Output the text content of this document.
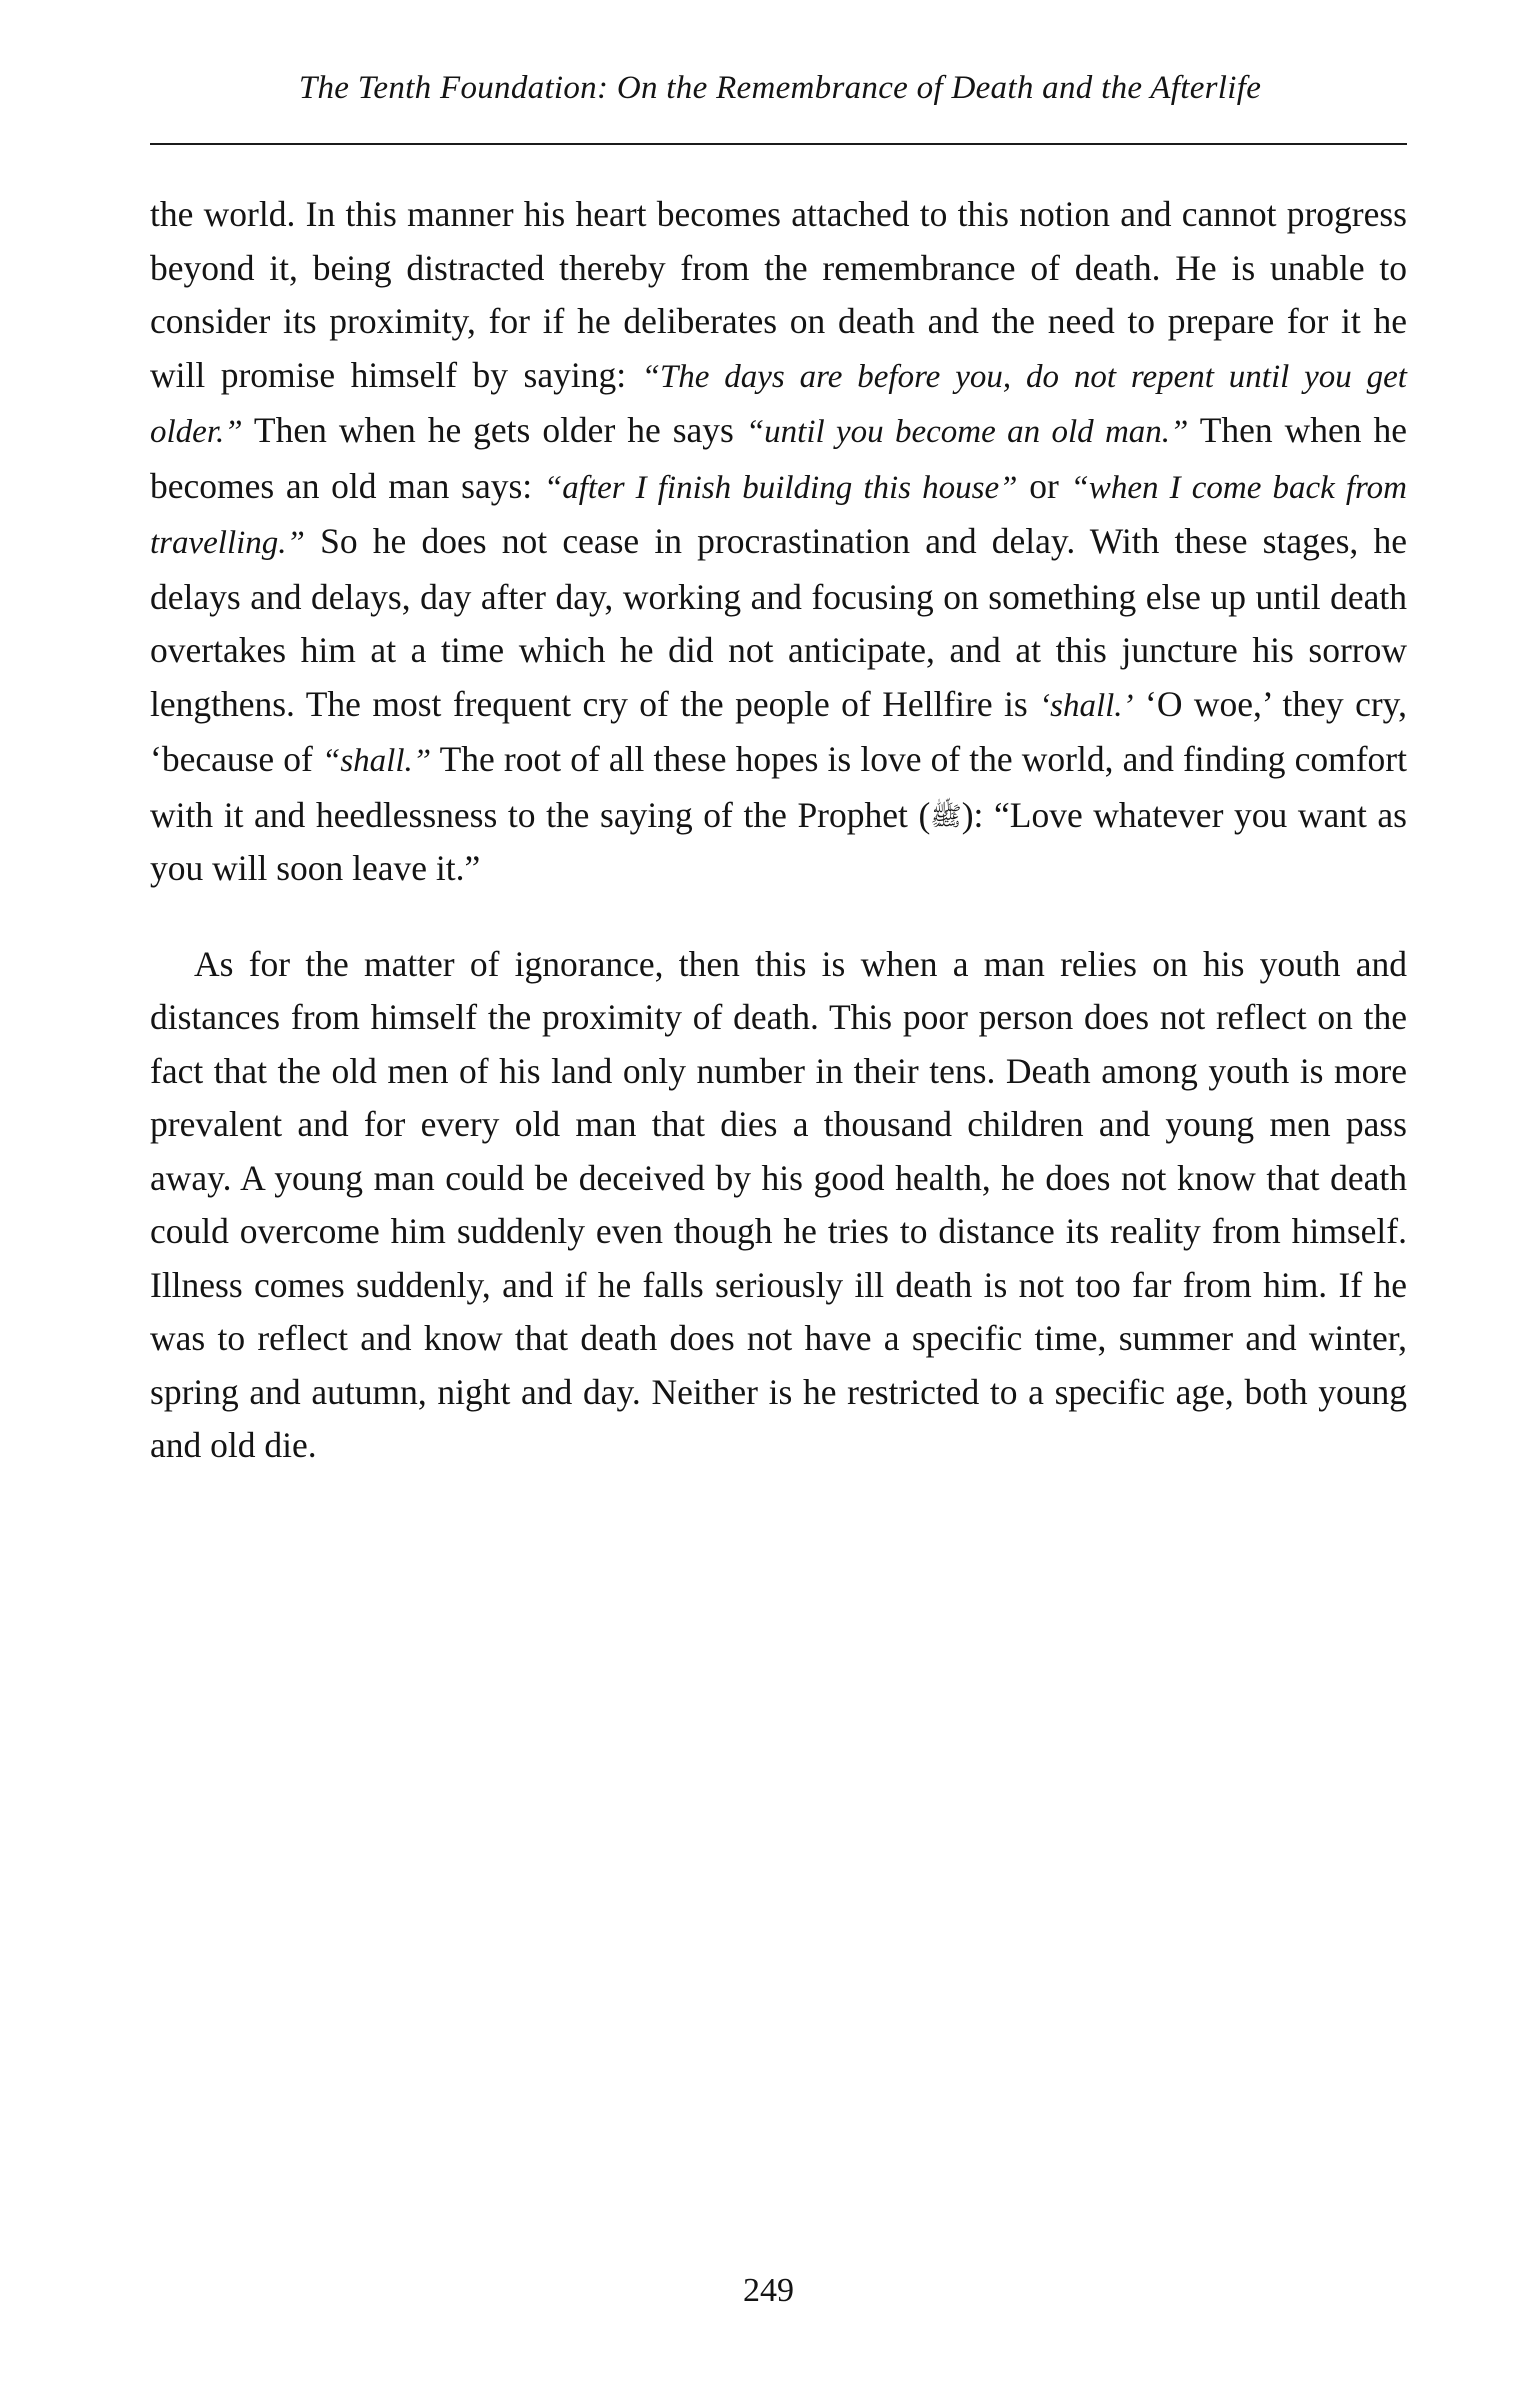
The Tenth Foundation: On the Remembrance of Death and the Afterlife

the world. In this manner his heart becomes attached to this notion and cannot progress beyond it, being distracted thereby from the remembrance of death. He is unable to consider its proximity, for if he deliberates on death and the need to prepare for it he will promise himself by saying: “The days are before you, do not repent until you get older.” Then when he gets older he says “until you become an old man.” Then when he becomes an old man says: “after I finish building this house” or “when I come back from travelling.” So he does not cease in procrastination and delay. With these stages, he delays and delays, day after day, working and focusing on something else up until death overtakes him at a time which he did not anticipate, and at this juncture his sorrow lengthens. The most frequent cry of the people of Hellfire is ‘shall.’ ‘O woe,’ they cry, ‘because of “shall.” The root of all these hopes is love of the world, and finding comfort with it and heedlessness to the saying of the Prophet (ﷺ): “Love whatever you want as you will soon leave it.”

As for the matter of ignorance, then this is when a man relies on his youth and distances from himself the proximity of death. This poor person does not reflect on the fact that the old men of his land only number in their tens. Death among youth is more prevalent and for every old man that dies a thousand children and young men pass away. A young man could be deceived by his good health, he does not know that death could overcome him suddenly even though he tries to distance its reality from himself. Illness comes suddenly, and if he falls seriously ill death is not too far from him. If he was to reflect and know that death does not have a specific time, summer and winter, spring and autumn, night and day. Neither is he restricted to a specific age, both young and old die.

249
